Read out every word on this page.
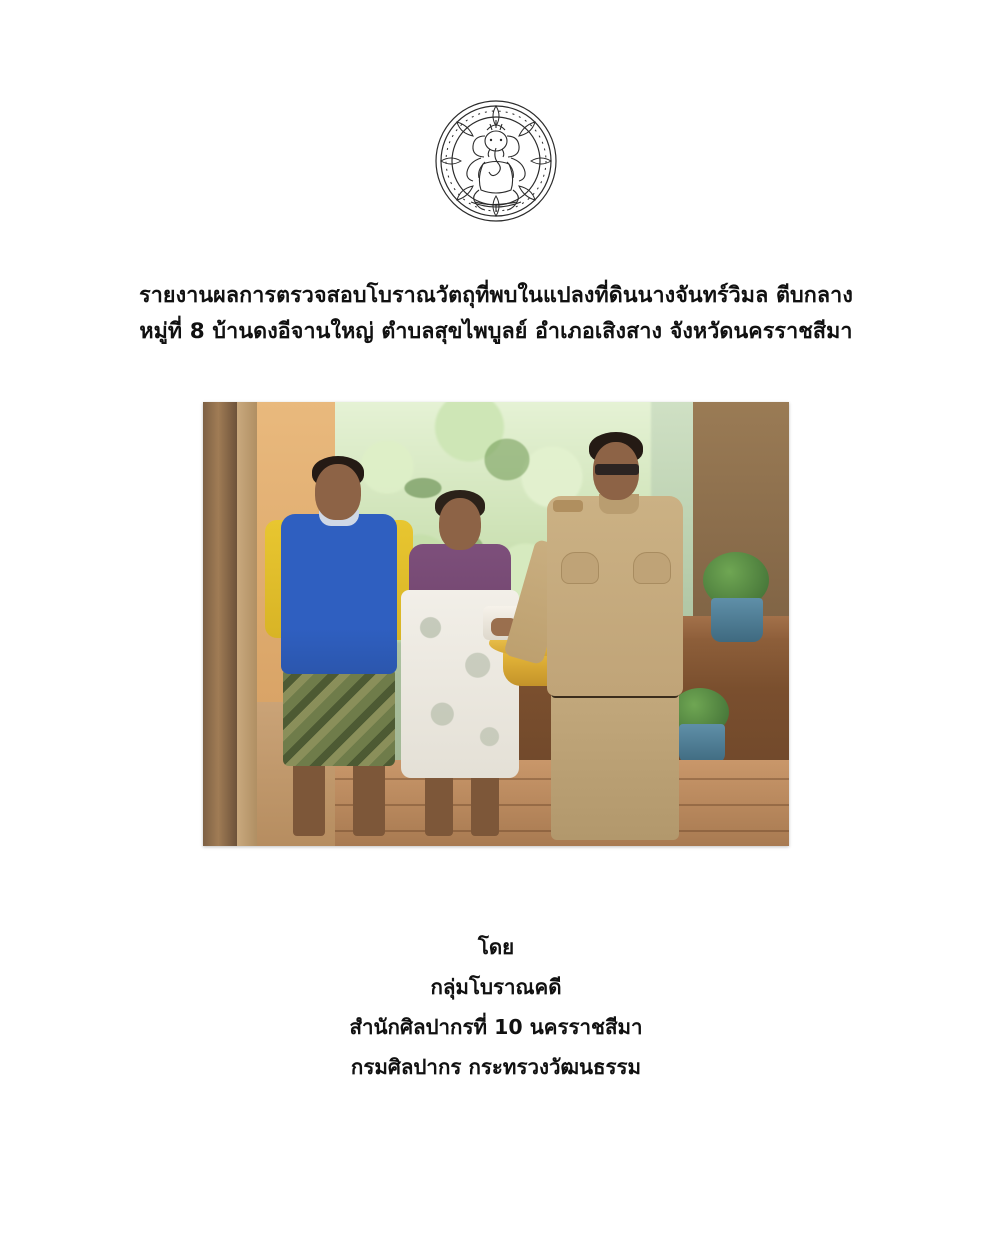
รายงานผลการตรวจสอบโบราณวัตถุที่พบในแปลงที่ดินนางจันทร์วิมล ตีบกลาง
หมู่ที่ 8 บ้านดงอีจานใหญ่ ตำบลสุขไพบูลย์ อำเภอเสิงสาง จังหวัดนครราชสีมา
โดย
กลุ่มโบราณคดี
สำนักศิลปากรที่ 10 นครราชสีมา
กรมศิลปากร กระทรวงวัฒนธรรม
